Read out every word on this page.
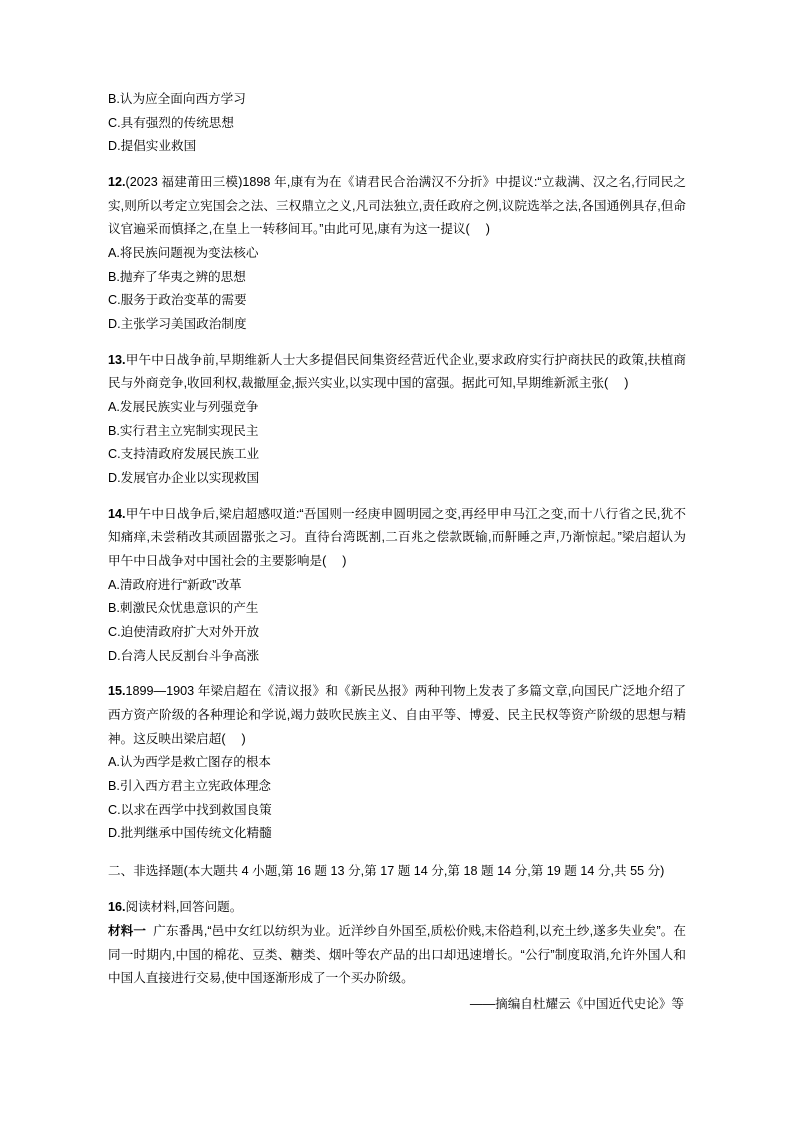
B.认为应全面向西方学习

C.具有强烈的传统思想

D.提倡实业救国

12.(2023 福建莆田三模)1898 年,康有为在《请君民合治满汉不分折》中提议:“立裁满、汉之名,行同民之实,则所以考定立宪国会之法、三权鼎立之义,凡司法独立,责任政府之例,议院选举之法,各国通例具存,但命议官遍采而慎择之,在皇上一转移间耳。”由此可见,康有为这一提议( )

A.将民族问题视为变法核心

B.抛弃了华夷之辨的思想

C.服务于政治变革的需要

D.主张学习美国政治制度

13.甲午中日战争前,早期维新人士大多提倡民间集资经营近代企业,要求政府实行护商扶民的政策,扶植商民与外商竞争,收回利权,裁撤厘金,振兴实业,以实现中国的富强。据此可知,早期维新派主张( )

A.发展民族实业与列强竞争

B.实行君主立宪制实现民主

C.支持清政府发展民族工业

D.发展官办企业以实现救国

14.甲午中日战争后,梁启超感叹道:“吾国则一经庚申圆明园之变,再经甲申马江之变,而十八行省之民,犹不知痛痒,未尝稍改其顽固嚣张之习。直待台湾既割,二百兆之偿款既输,而鼾睡之声,乃渐惊起。”梁启超认为甲午中日战争对中国社会的主要影响是( )

A.清政府进行“新政”改革

B.刺激民众忧患意识的产生

C.迫使清政府扩大对外开放

D.台湾人民反割台斗争高涨

15.1899—1903 年梁启超在《清议报》和《新民丛报》两种刊物上发表了多篇文章,向国民广泛地介绍了西方资产阶级的各种理论和学说,竭力鼓吹民族主义、自由平等、博爱、民主民权等资产阶级的思想与精神。这反映出梁启超( )

A.认为西学是救亡图存的根本

B.引入西方君主立宪政体理念

C.以求在西学中找到救国良策

D.批判继承中国传统文化精髓

二、非选择题(本大题共 4 小题,第 16 题 13 分,第 17 题 14 分,第 18 题 14 分,第 19 题 14 分,共 55 分)

16.阅读材料,回答问题。

材料一 广东番禺,“邑中女红以纺织为业。近洋纱自外国至,质松价贱,末俗趋利,以充土纱,遂多失业矣”。在同一时期内,中国的棉花、豆类、糖类、烟叶等农产品的出口却迅速增长。“公行”制度取消,允许外国人和中国人直接进行交易,使中国逐渐形成了一个买办阶级。

——摘编自杜耀云《中国近代史论》等
